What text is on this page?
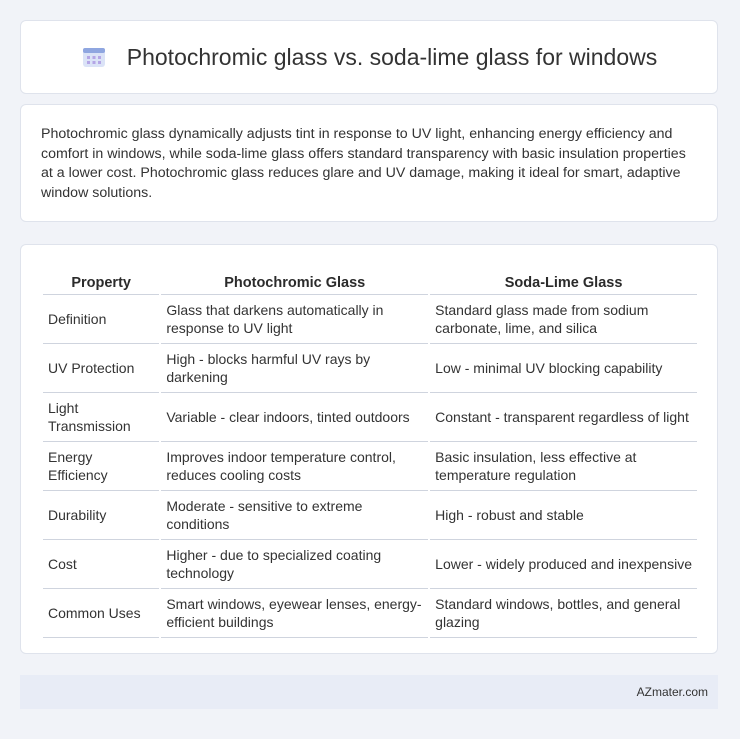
Photochromic glass vs. soda-lime glass for windows

Photochromic glass dynamically adjusts tint in response to UV light, enhancing energy efficiency and comfort in windows, while soda-lime glass offers standard transparency with basic insulation properties at a lower cost. Photochromic glass reduces glare and UV damage, making it ideal for smart, adaptive window solutions.

Property	Photochromic Glass	Soda-Lime Glass
Definition	Glass that darkens automatically in response to UV light	Standard glass made from sodium carbonate, lime, and silica
UV Protection	High - blocks harmful UV rays by darkening	Low - minimal UV blocking capability
Light Transmission	Variable - clear indoors, tinted outdoors	Constant - transparent regardless of light
Energy Efficiency	Improves indoor temperature control, reduces cooling costs	Basic insulation, less effective at temperature regulation
Durability	Moderate - sensitive to extreme conditions	High - robust and stable
Cost	Higher - due to specialized coating technology	Lower - widely produced and inexpensive
Common Uses	Smart windows, eyewear lenses, energy-efficient buildings	Standard windows, bottles, and general glazing
AZmater.com
